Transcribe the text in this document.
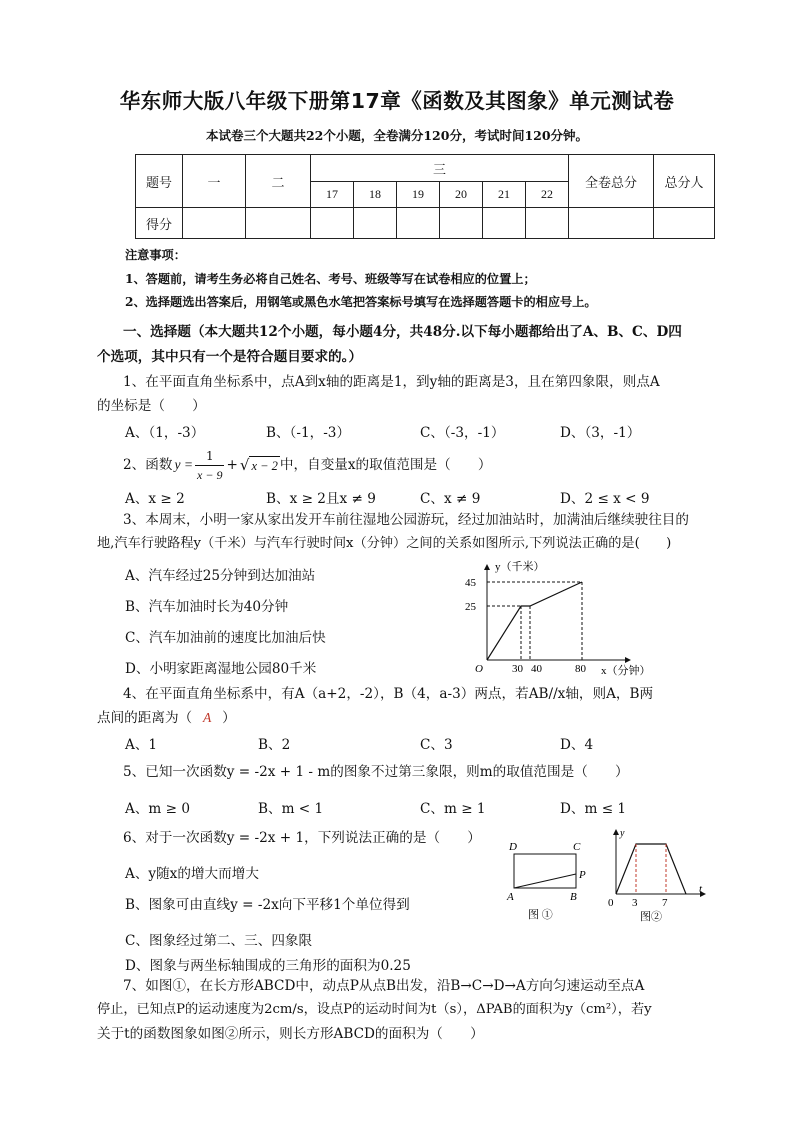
华东师大版八年级下册第17章《函数及其图象》单元测试卷
本试卷三个大题共22个小题，全卷满分120分，考试时间120分钟。
题号	一	二	三						全卷总分	总分人
			17	18	19	20	21	22		
得分										
注意事项：
1、答题前，请考生务必将自己姓名、考号、班级等写在试卷相应的位置上；
2、选择题选出答案后，用钢笔或黑色水笔把答案标号填写在选择题答题卡的相应号上。
一、选择题（本大题共12个小题，每小题4分，共48分.以下每小题都给出了A、B、C、D四
个选项，其中只有一个是符合题目要求的。）
1、在平面直角坐标系中，点A到x轴的距离是1，到y轴的距离是3，且在第四象限，则点A
的坐标是（　　）
A、（1，-3）	B、（-1，-3）	C、（-3，-1）	D、（3，-1）
2、函数 $y = \frac{1}{x - 9}$ + √ x − 2 中，自变量x的取值范围是（　　）
A、x ≥ 2	B、x ≥ 2且x ≠ 9	C、x ≠ 9	D、2 ≤ x < 9
3、本周末，小明一家从家出发开车前往湿地公园游玩，经过加油站时，加满油后继续驶往目的
地,汽车行驶路程y（千米）与汽车行驶时间x（分钟）之间的关系如图所示,下列说法正确的是(　　)
A、汽车经过25分钟到达加油站
B、汽车加油时长为40分钟
C、汽车加油前的速度比加油后快
D、小明家距离湿地公园80千米
y（千米）
45
25
O	30 40	80 x（分钟）
4、在平面直角坐标系中，有A（a+2，-2），B（4，a-3）两点，若AB//x轴，则A，B两
点间的距离为（ A ）
A、1	B、2	C、3	D、4
5、已知一次函数y = -2x + 1 - m的图象不过第三象限，则m的取值范围是（　　）
A、m ≥ 0	B、m < 1	C、m ≥ 1	D、m ≤ 1
6、对于一次函数y = -2x + 1，下列说法正确的是（　　）
A、y随x的增大而增大
B、图象可由直线y = -2x向下平移1个单位得到
C、图象经过第二、三、四象限
D、图象与两坐标轴围成的三角形的面积为0.25
D	C
P
A	B
图 ①
y
t
0 3 7
图②
7、如图①，在长方形ABCD中，动点P从点B出发，沿B→C→D→A方向匀速运动至点A
停止，已知点P的运动速度为2cm/s，设点P的运动时间为t（s），ΔPAB的面积为y（cm²），若y
关于t的函数图象如图②所示，则长方形ABCD的面积为（　　）
